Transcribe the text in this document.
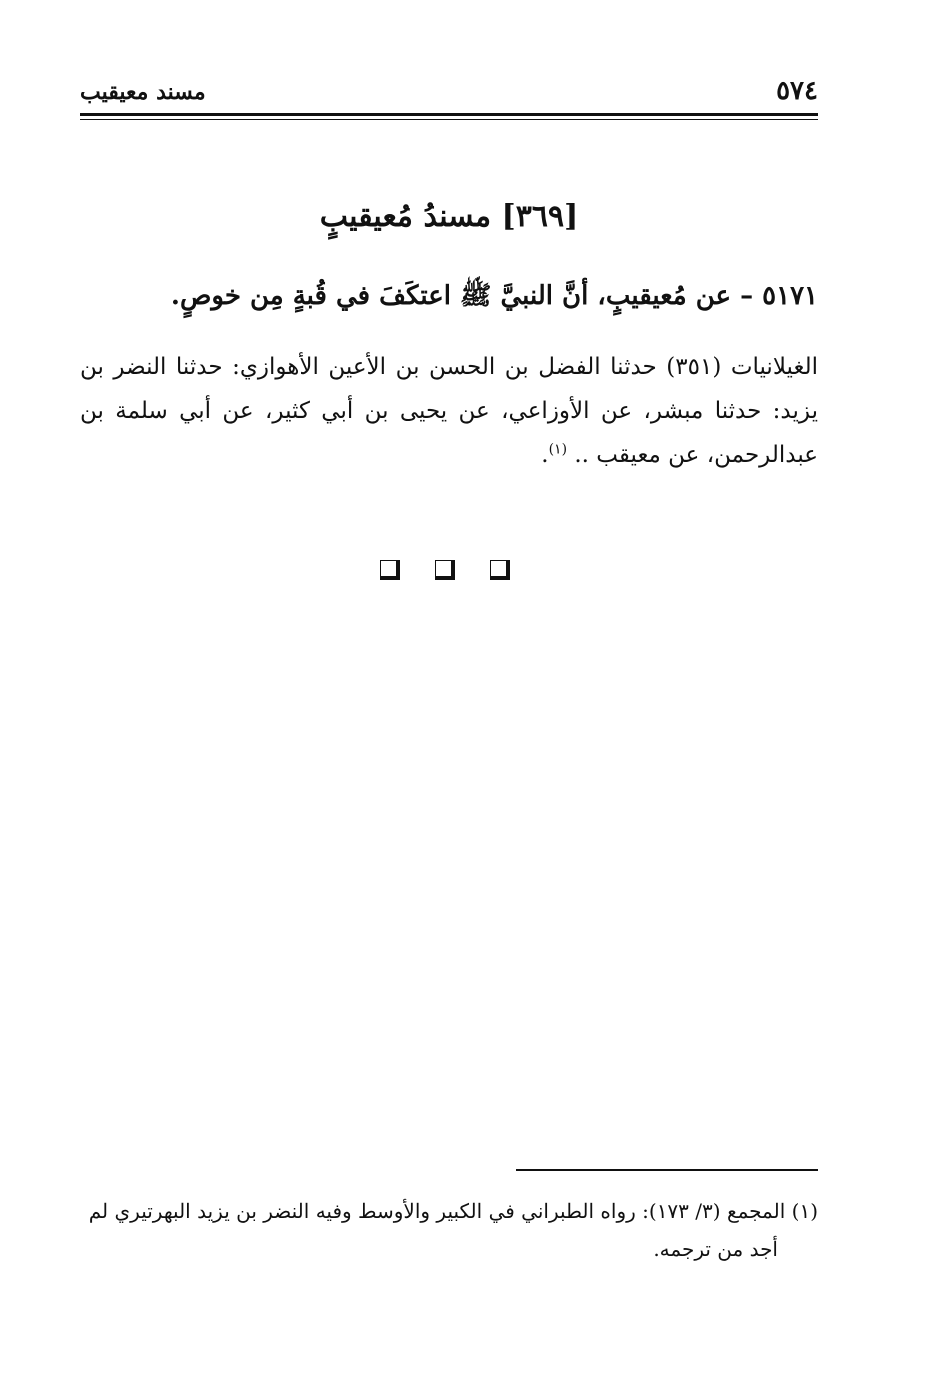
٥٧٤
مسند معيقيب
[٣٦٩] مسندُ مُعيقيبٍ
٥١٧١ – عن مُعيقيبٍ، أنَّ النبيَّ ﷺ اعتكَفَ في قُبةٍ مِن خوصٍ.
الغيلانيات (٣٥١) حدثنا الفضل بن الحسن بن الأعين الأهوازي: حدثنا النضر بن يزيد: حدثنا مبشر، عن الأوزاعي، عن يحيى بن أبي كثير، عن أبي سلمة بن عبدالرحمن، عن معيقب .. $^{(١)}$.
(١) المجمع (٣/ ١٧٣): رواه الطبراني في الكبير والأوسط وفيه النضر بن يزيد البهرتيري لم
أجد من ترجمه.
